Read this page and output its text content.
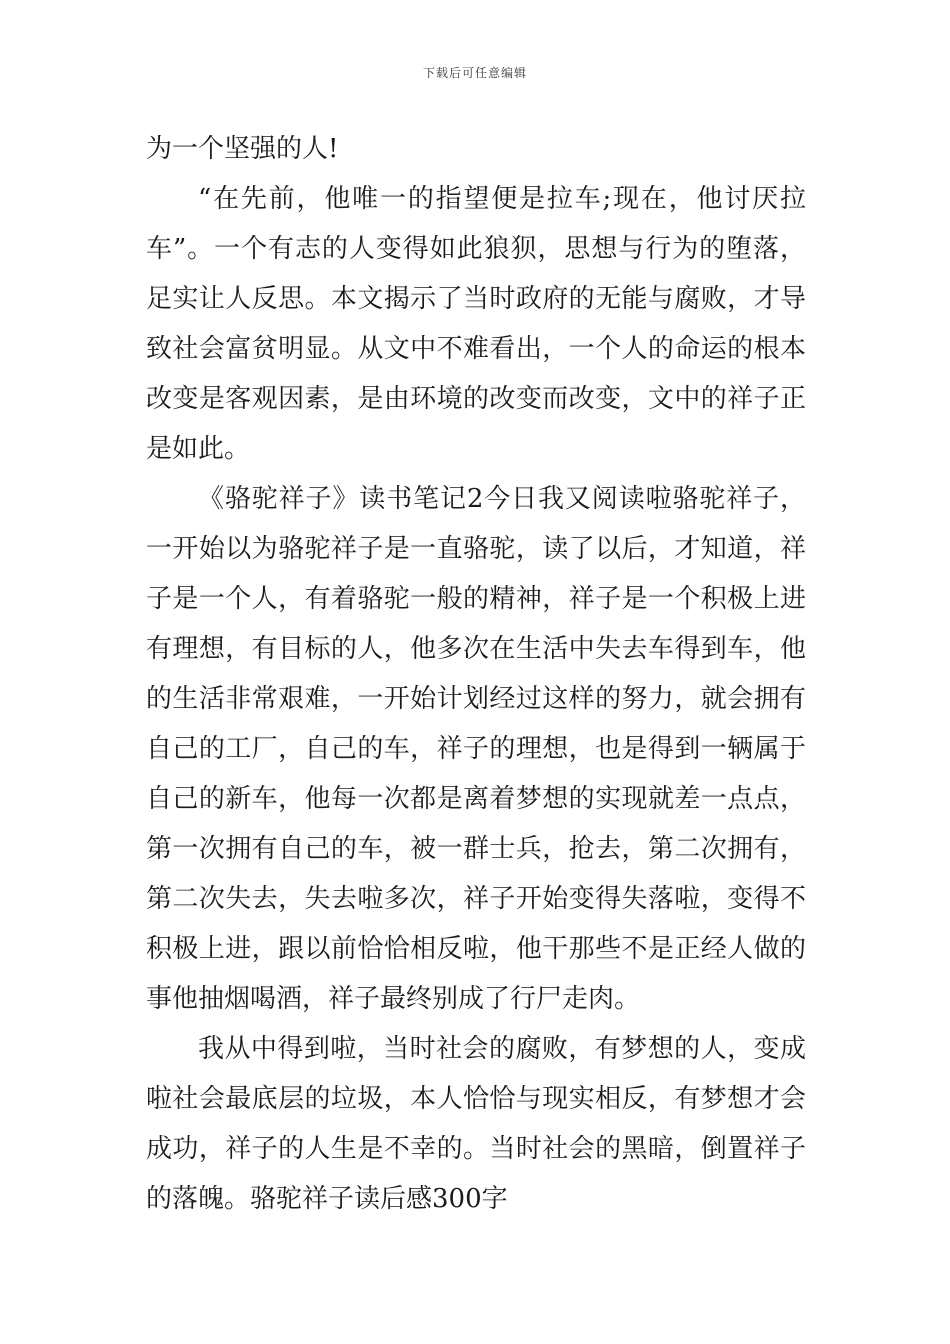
下载后可任意编辑

为一个坚强的人!

“在先前，他唯一的指望便是拉车;现在，他讨厌拉车”。一个有志的人变得如此狼狈，思想与行为的堕落，足实让人反思。本文揭示了当时政府的无能与腐败，才导致社会富贫明显。从文中不难看出，一个人的命运的根本改变是客观因素，是由环境的改变而改变，文中的祥子正是如此。

《骆驼祥子》读书笔记2今日我又阅读啦骆驼祥子，一开始以为骆驼祥子是一直骆驼，读了以后，才知道，祥子是一个人，有着骆驼一般的精神，祥子是一个积极上进有理想，有目标的人，他多次在生活中失去车得到车，他的生活非常艰难，一开始计划经过这样的努力，就会拥有自己的工厂，自己的车，祥子的理想，也是得到一辆属于自己的新车，他每一次都是离着梦想的实现就差一点点，第一次拥有自己的车，被一群士兵，抢去，第二次拥有，第二次失去，失去啦多次，祥子开始变得失落啦，变得不积极上进，跟以前恰恰相反啦，他干那些不是正经人做的事他抽烟喝酒，祥子最终别成了行尸走肉。

我从中得到啦，当时社会的腐败，有梦想的人，变成啦社会最底层的垃圾，本人恰恰与现实相反，有梦想才会成功，祥子的人生是不幸的。当时社会的黑暗，倒置祥子的落魄。骆驼祥子读后感300字
